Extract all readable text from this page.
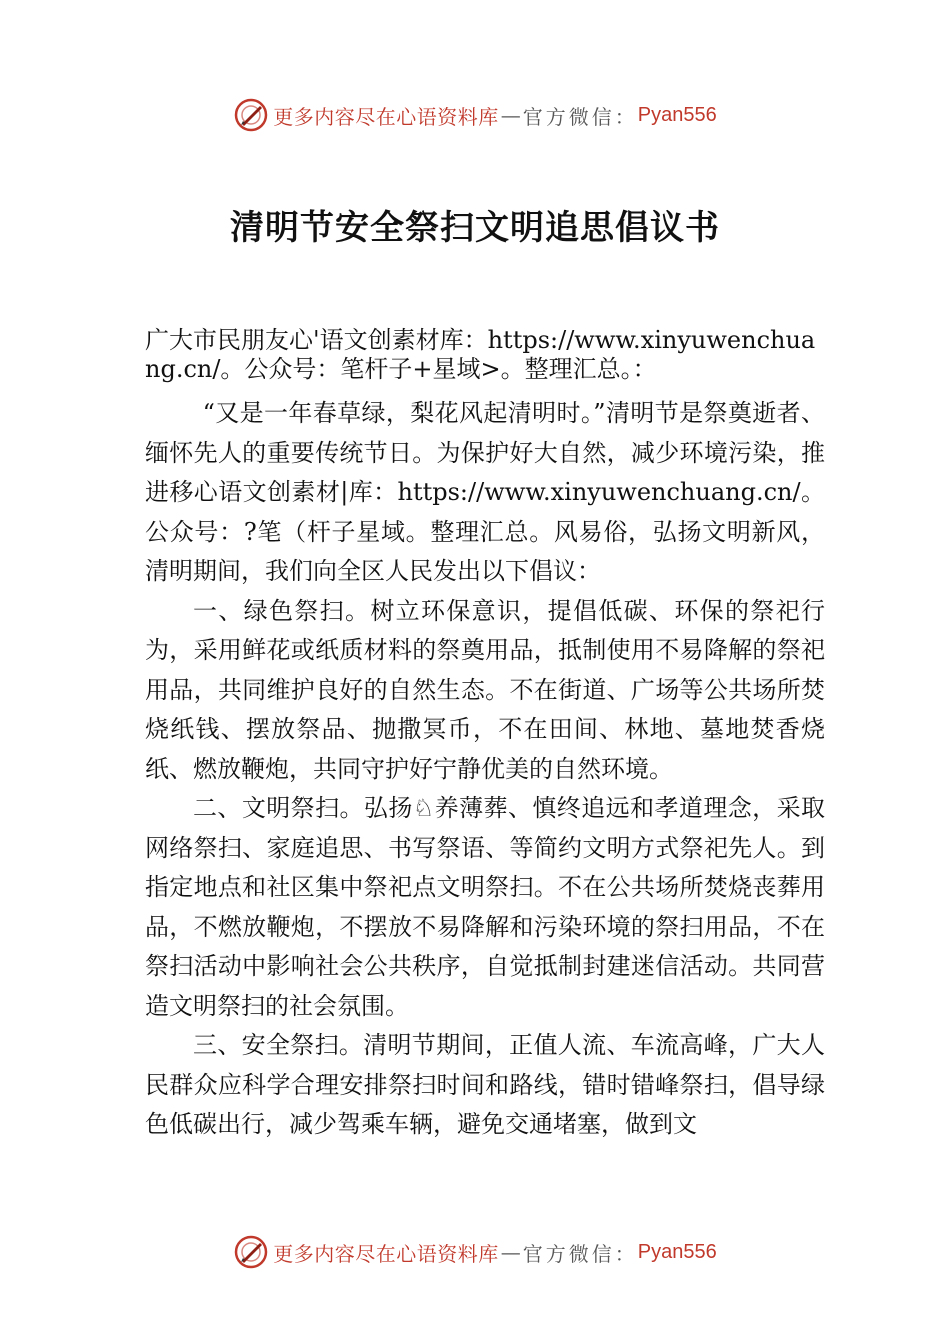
更多内容尽在心语资料库 — 官方微信： Pyan556
清明节安全祭扫文明追思倡议书

广大市民朋友心'语文创素材库：https://www.xinyuwenchuang.cn/。公众号：笔杆子+星域>。整理汇总。：

“又是一年春草绿，梨花风起清明时。”清明节是祭奠逝者、缅怀先人的重要传统节日。为保护好大自然，减少环境污染，推进移心语文创素材|库：https://www.xinyuwenchuang.cn/。公众号：?笔（杆子星域。整理汇总。风易俗，弘扬文明新风，清明期间，我们向全区人民发出以下倡议：

一、绿色祭扫。树立环保意识，提倡低碳、环保的祭祀行为，采用鲜花或纸质材料的祭奠用品，抵制使用不易降解的祭祀用品，共同维护良好的自然生态。不在街道、广场等公共场所焚烧纸钱、摆放祭品、抛撒冥币，不在田间、林地、墓地焚香烧纸、燃放鞭炮，共同守护好宁静优美的自然环境。

二、文明祭扫。弘扬♘养薄葬、慎终追远和孝道理念，采取网络祭扫、家庭追思、书写祭语、等简约文明方式祭祀先人。到指定地点和社区集中祭祀点文明祭扫。不在公共场所焚烧丧葬用品，不燃放鞭炮，不摆放不易降解和污染环境的祭扫用品，不在祭扫活动中影响社会公共秩序，自觉抵制封建迷信活动。共同营造文明祭扫的社会氛围。

三、安全祭扫。清明节期间，正值人流、车流高峰，广大人民群众应科学合理安排祭扫时间和路线，错时错峰祭扫，倡导绿色低碳出行，减少驾乘车辆，避免交通堵塞，做到文

更多内容尽在心语资料库 — 官方微信： Pyan556
